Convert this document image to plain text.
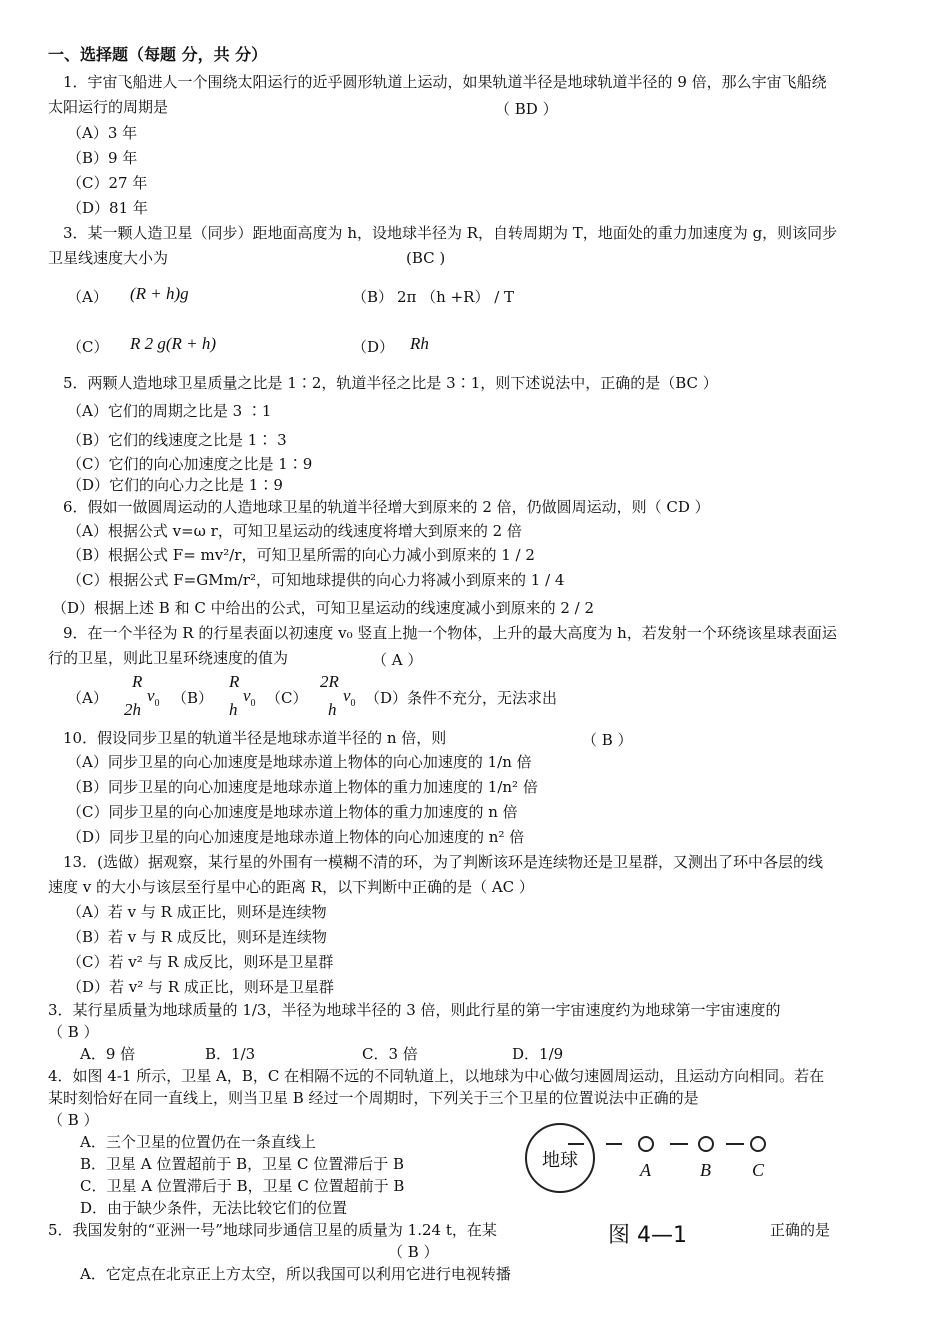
一、选择题（每题 分，共 分）
1．宇宙飞船进人一个围绕太阳运行的近乎圆形轨道上运动，如果轨道半径是地球轨道半径的 9 倍，那么宇宙飞船绕
太阳运行的周期是	（ BD ）
（A）3 年
（B）9 年
（C）27 年
（D）81 年
3．某一颗人造卫星（同步）距地面高度为 h，设地球半径为 R，自转周期为 T，地面处的重力加速度为 g，则该同步
卫星线速度大小为	(BC )
（A） (R + h)g	（B） 2π （h +R） / T
（C） R 2 g(R + h)	（D） Rh
5．两颗人造地球卫星质量之比是 1∶2，轨道半径之比是 3∶1，则下述说法中，正确的是（BC ）
（A）它们的周期之比是 3 ∶1
（B）它们的线速度之比是 1∶ 3
（C）它们的向心加速度之比是 1∶9
（D）它们的向心力之比是 1∶9
6．假如一做圆周运动的人造地球卫星的轨道半径增大到原来的 2 倍，仍做圆周运动，则（ CD ）
（A）根据公式 v=ω r，可知卫星运动的线速度将增大到原来的 2 倍
（B）根据公式 F= mv²/r，可知卫星所需的向心力减小到原来的 1 / 2
（C）根据公式 F=GMm/r²，可知地球提供的向心力将减小到原来的 1 / 4
（D）根据上述 B 和 C 中给出的公式，可知卫星运动的线速度减小到原来的 2 / 2
9．在一个半径为 R 的行星表面以初速度 v₀ 竖直上抛一个物体，上升的最大高度为 h，若发射一个环绕该星球表面运
行的卫星，则此卫星环绕速度的值为	（ A ）
（A）
R
2h
$v_0$ （B）
R
h
$v_0$ （C）
2R
h
$v_0$ （D）条件不充分，无法求出
10．假设同步卫星的轨道半径是地球赤道半径的 n 倍，则	（ B ）
（A）同步卫星的向心加速度是地球赤道上物体的向心加速度的 1/n 倍
（B）同步卫星的向心加速度是地球赤道上物体的重力加速度的 1/n² 倍
（C）同步卫星的向心加速度是地球赤道上物体的重力加速度的 n 倍
（D）同步卫星的向心加速度是地球赤道上物体的向心加速度的 n² 倍
13．(选做）据观察，某行星的外围有一模糊不清的环，为了判断该环是连续物还是卫星群，又测出了环中各层的线
速度 v 的大小与该层至行星中心的距离 R，以下判断中正确的是（ AC ）
（A）若 v 与 R 成正比，则环是连续物
（B）若 v 与 R 成反比，则环是连续物
（C）若 v² 与 R 成反比，则环是卫星群
（D）若 v² 与 R 成正比，则环是卫星群
3．某行星质量为地球质量的 1/3，半径为地球半径的 3 倍，则此行星的第一宇宙速度约为地球第一宇宙速度的
（ B ）
A．9 倍	B．1/3	C．3 倍	D．1/9
4．如图 4-1 所示，卫星 A，B，C 在相隔不远的不同轨道上，以地球为中心做匀速圆周运动，且运动方向相同。若在
某时刻恰好在同一直线上，则当卫星 B 经过一个周期时，下列关于三个卫星的位置说法中正确的是
（ B ）
A．三个卫星的位置仍在一条直线上
B．卫星 A 位置超前于 B，卫星 C 位置滞后于 B
C．卫星 A 位置滞后于 B，卫星 C 位置超前于 B
D．由于缺少条件，无法比较它们的位置
地球	A	B C
图 4—1
5．我国发射的“亚洲一号”地球同步通信卫星的质量为 1.24 t，在某	正确的是
（ B ）
A．它定点在北京正上方太空，所以我国可以利用它进行电视转播
